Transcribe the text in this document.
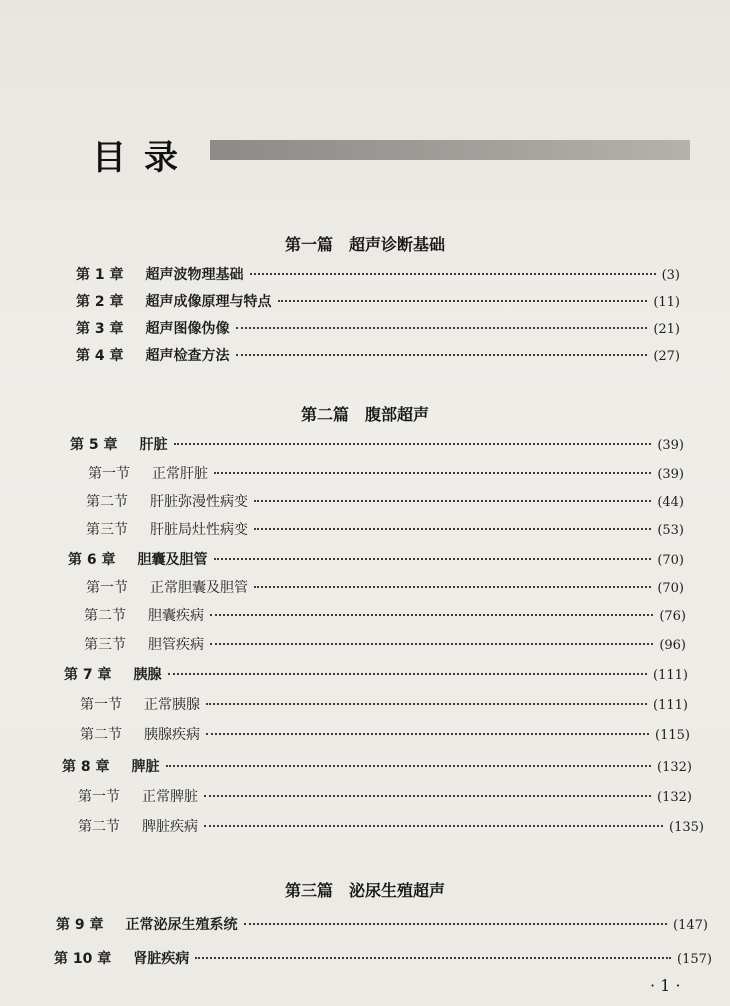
目录
第一篇 超声诊断基础
第 1 章 超声波物理基础	(3)
第 2 章 超声成像原理与特点	(11)
第 3 章 超声图像伪像	(21)
第 4 章 超声检查方法	(27)
第二篇 腹部超声
第 5 章 肝脏	(39)
第一节 正常肝脏	(39)
第二节 肝脏弥漫性病变	(44)
第三节 肝脏局灶性病变	(53)
第 6 章 胆囊及胆管	(70)
第一节 正常胆囊及胆管	(70)
第二节 胆囊疾病	(76)
第三节 胆管疾病	(96)
第 7 章 胰腺	(111)
第一节 正常胰腺	(111)
第二节 胰腺疾病	(115)
第 8 章 脾脏	(132)
第一节 正常脾脏	(132)
第二节 脾脏疾病	(135)
第三篇 泌尿生殖超声
第 9 章 正常泌尿生殖系统	(147)
第 10 章 肾脏疾病	(157)
· 1 ·
